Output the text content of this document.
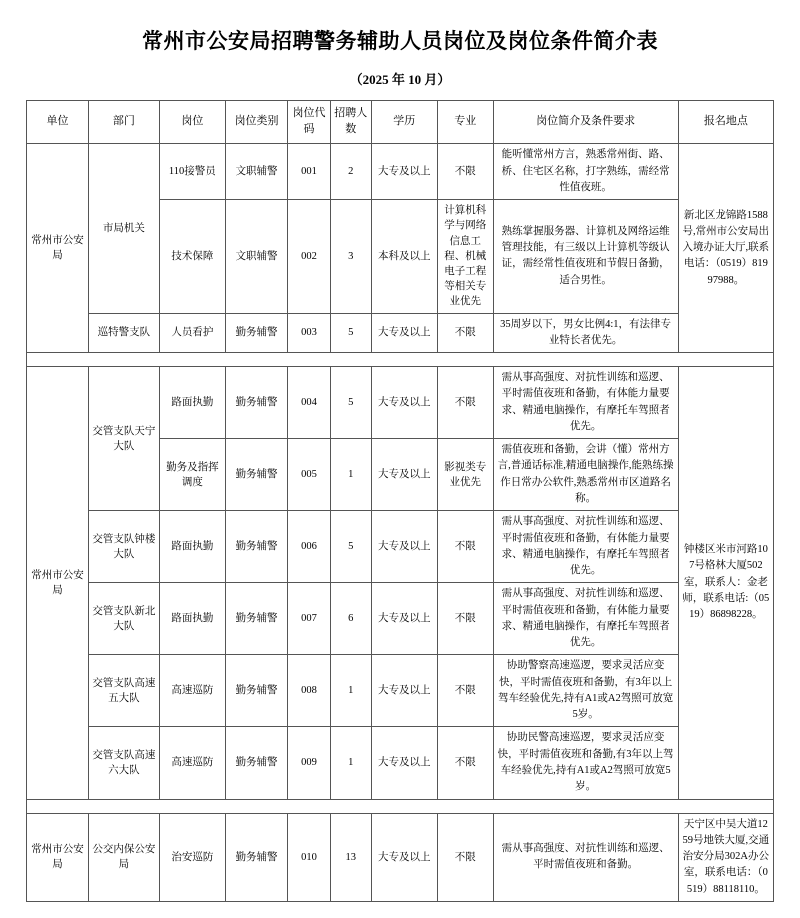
常州市公安局招聘警务辅助人员岗位及岗位条件简介表
（2025 年 10 月）
单位	部门	岗位	岗位类别	岗位代码	招聘人数	学历	专业	岗位简介及条件要求	报名地点
常州市公安局	市局机关	110接警员	文职辅警	001	2	大专及以上	不限	能听懂常州方言，熟悉常州街、路、桥、住宅区名称，打字熟练，需经常性值夜班。	新北区龙锦路1588号,常州市公安局出入境办证大厅,联系电话：（0519）81997988。
		技术保障	文职辅警	002	3	本科及以上	计算机科学与网络信息工程、机械电子工程等相关专业优先	熟练掌握服务器、计算机及网络运维管理技能，有三级以上计算机等级认证，需经常性值夜班和节假日备勤，适合男性。	
	巡特警支队	人员看护	勤务辅警	003	5	大专及以上	不限	35周岁以下，男女比例4:1，有法律专业特长者优先。	

常州市公安局	交管支队天宁大队	路面执勤	勤务辅警	004	5	大专及以上	不限	需从事高强度、对抗性训练和巡逻、平时需值夜班和备勤，有体能力量要求、精通电脑操作，有摩托车驾照者优先。	钟楼区米市河路107号格林大厦502室，联系人：金老师，联系电话:（0519）86898228。
		勤务及指挥调度	勤务辅警	005	1	大专及以上	影视类专业优先	需值夜班和备勤，会讲（懂）常州方言,普通话标准,精通电脑操作,能熟练操作日常办公软件,熟悉常州市区道路名称。	
	交管支队钟楼大队	路面执勤	勤务辅警	006	5	大专及以上	不限	需从事高强度、对抗性训练和巡逻、平时需值夜班和备勤，有体能力量要求、精通电脑操作，有摩托车驾照者优先。	
	交管支队新北大队	路面执勤	勤务辅警	007	6	大专及以上	不限	需从事高强度、对抗性训练和巡逻、平时需值夜班和备勤，有体能力量要求、精通电脑操作，有摩托车驾照者优先。	
	交管支队高速五大队	高速巡防	勤务辅警	008	1	大专及以上	不限	协助警察高速巡逻，要求灵活应变快，平时需值夜班和备勤，有3年以上驾车经验优先,持有A1或A2驾照可放宽5岁。	
	交管支队高速六大队	高速巡防	勤务辅警	009	1	大专及以上	不限	协助民警高速巡逻，要求灵活应变快，平时需值夜班和备勤,有3年以上驾车经验优先,持有A1或A2驾照可放宽5岁。	

常州市公安局	公交内保公安局	治安巡防	勤务辅警	010	13	大专及以上	不限	需从事高强度、对抗性训练和巡逻、平时需值夜班和备勤。	天宁区中吴大道1259号地铁大厦,交通治安分局302A办公室，联系电话：（0519）88118110。
